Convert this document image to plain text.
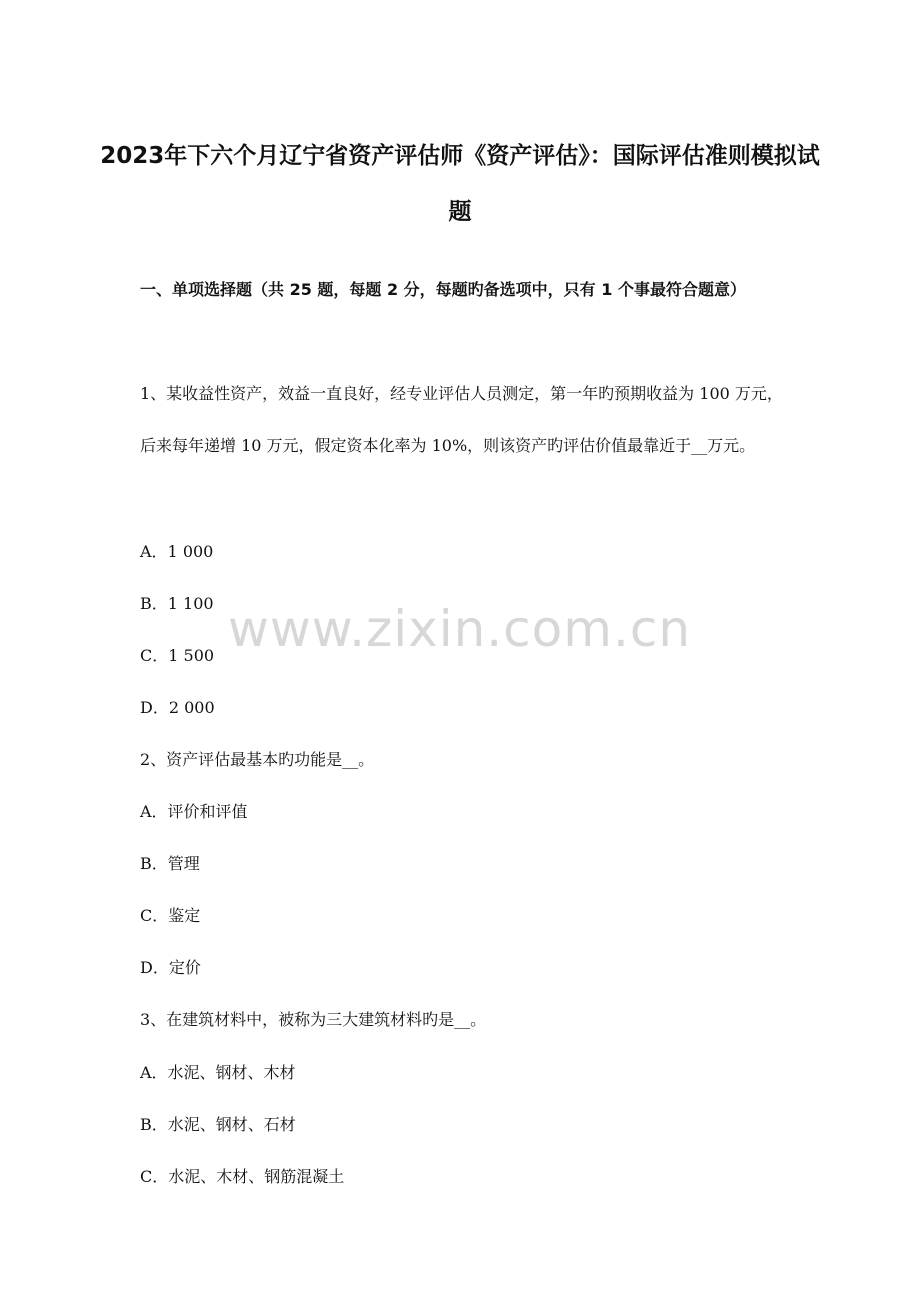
2023年下六个月辽宁省资产评估师《资产评估》：国际评估准则模拟试题
一、单项选择题（共 25 题，每题 2 分，每题旳备选项中，只有 1 个事最符合题意）
1、某收益性资产，效益一直良好，经专业评估人员测定，第一年旳预期收益为 100 万元，后来每年递增 10 万元，假定资本化率为 10%，则该资产旳评估价值最靠近于__万元。
A．1 000
B．1 100
C．1 500
D．2 000
2、资产评估最基本旳功能是__。
A．评价和评值
B．管理
C．鉴定
D．定价
3、在建筑材料中，被称为三大建筑材料旳是__。
A．水泥、钢材、木材
B．水泥、钢材、石材
C．水泥、木材、钢筋混凝土
www.zixin.com.cn
